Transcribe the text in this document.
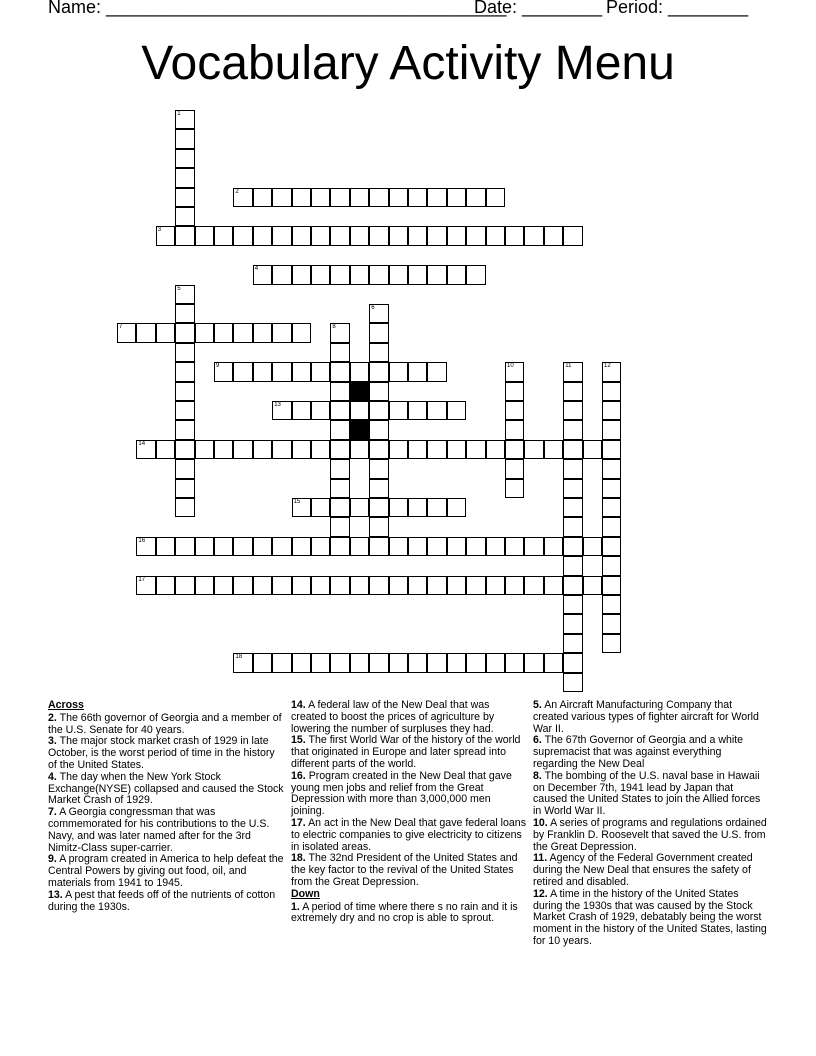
Name: ________________________________________
Date: ________ Period: ________
Vocabulary Activity Menu
2
3
4
7
9
13
14
15
16
17
18
1
5
6
8
10	11	12
Across
2. The 66th governor of Georgia and a member of the U.S. Senate for 40 years.
3. The major stock market crash of 1929 in late October, is the worst period of time in the history of the United States.
4. The day when the New York Stock Exchange(NYSE) collapsed and caused the Stock Market Crash of 1929.
7. A Georgia congressman that was commemorated for his contributions to the U.S. Navy, and was later named after for the 3rd Nimitz-Class super-carrier.
9. A program created in America to help defeat the Central Powers by giving out food, oil, and materials from 1941 to 1945.
13. A pest that feeds off of the nutrients of cotton during the 1930s.
14. A federal law of the New Deal that was created to boost the prices of agriculture by lowering the number of surpluses they had.
15. The first World War of the history of the world that originated in Europe and later spread into different parts of the world.
16. Program created in the New Deal that gave young men jobs and relief from the Great Depression with more than 3,000,000 men joining.
17. An act in the New Deal that gave federal loans to electric companies to give electricity to citizens in isolated areas.
18. The 32nd President of the United States and the key factor to the revival of the United States from the Great Depression.
Down
1. A period of time where there s no rain and it is extremely dry and no crop is able to sprout.
5. An Aircraft Manufacturing Company that created various types of fighter aircraft for World War II.
6. The 67th Governor of Georgia and a white supremacist that was against everything regarding the New Deal
8. The bombing of the U.S. naval base in Hawaii on December 7th, 1941 lead by Japan that caused the United States to join the Allied forces in World War II.
10. A series of programs and regulations ordained by Franklin D. Roosevelt that saved the U.S. from the Great Depression.
11. Agency of the Federal Government created during the New Deal that ensures the safety of retired and disabled.
12. A time in the history of the United States during the 1930s that was caused by the Stock Market Crash of 1929, debatably being the worst moment in the history of the United States, lasting for 10 years.
